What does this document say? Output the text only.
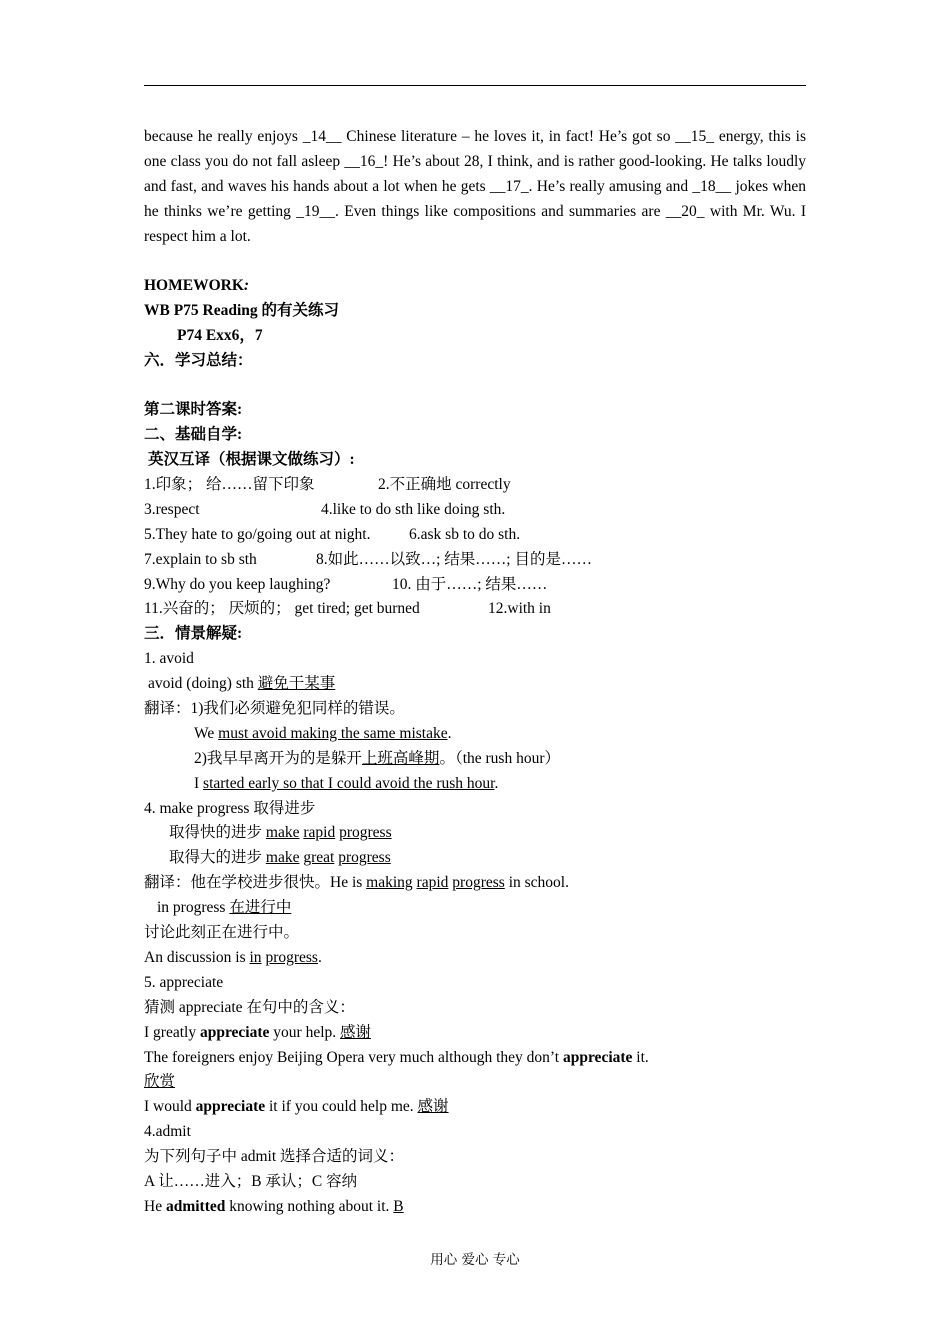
because he really enjoys _14__ Chinese literature – he loves it, in fact! He’s got so __15_ energy, this is one class you do not fall asleep __16_! He’s about 28, I think, and is rather good-looking. He talks loudly and fast, and waves his hands about a lot when he gets __17_. He’s really amusing and _18__ jokes when he thinks we’re getting _19__. Even things like compositions and summaries are __20_ with Mr. Wu. I respect him a lot.

HOMEWORK:
WB P75 Reading 的有关练习
P74 Exx6，7
六．学习总结：
第二课时答案:
二、基础自学:
英汉互译（根据课文做练习）:
1.印象； 给……留下印象	2.不正确地 correctly
3.respect	4.like to do sth like doing sth.
5.They hate to go/going out at night. 6.ask sb to do sth.
7.explain to sb sth	8.如此……以致…; 结果……; 目的是……
9.Why do you keep laughing?	10. 由于……; 结果……
11.兴奋的； 厌烦的； get tired; get burned	12.with in
三．情景解疑:
1. avoid
avoid (doing) sth 避免干某事
翻译：1)我们必须避免犯同样的错误。
We must avoid making the same mistake.
2)我早早离开为的是躲开上班高峰期。（the rush hour）
I started early so that I could avoid the rush hour.
4. make progress 取得进步
取得快的进步 make rapid progress
取得大的进步 make great progress
翻译：他在学校进步很快。He is making rapid progress in school.
in progress 在进行中
讨论此刻正在进行中。
An discussion is in progress.
5. appreciate
猜测 appreciate 在句中的含义：
I greatly appreciate your help. 感谢
The foreigners enjoy Beijing Opera very much although they don’t appreciate it.
欣赏
I would appreciate it if you could help me. 感谢
4.admit
为下列句子中 admit 选择合适的词义：
A 让……进入；B 承认；C 容纳
He admitted knowing nothing about it. B
用心 爱心 专心
